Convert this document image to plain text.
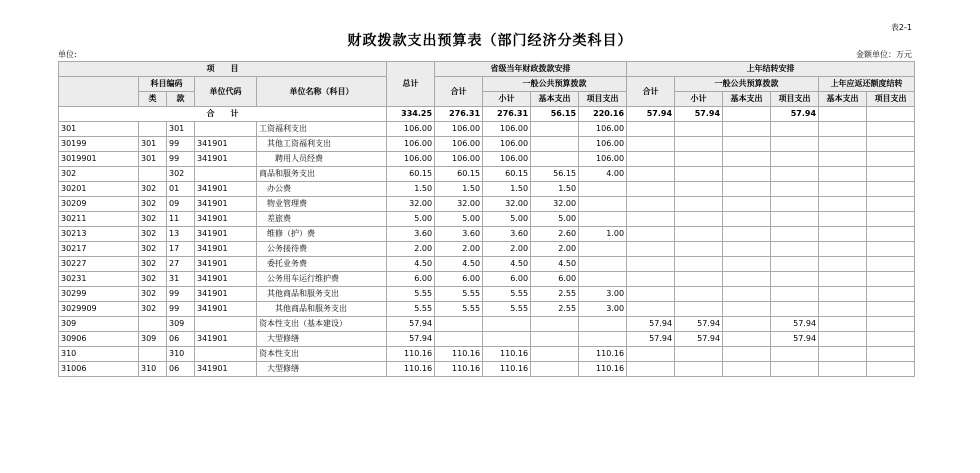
表2-1
财政拨款支出预算表（部门经济分类科目）
单位:	金额单位：万元
项　　目					总计	省级当年财政拨款安排				上年结转安排					
	科目编码		单位代码	单位名称（科目）		合计	一般公共预算拨款			合计	一般公共预算拨款			上年应返还额度结转	
	类	款					小计	基本支出	项目支出		小计	基本支出	项目支出	基本支出	项目支出
合　　计					334.25	276.31	276.31	56.15	220.16	57.94	57.94		57.94		
301		301		工资福利支出	106.00	106.00	106.00		106.00						
30199	301	99	341901	其他工资福利支出	106.00	106.00	106.00		106.00						
3019901	301	99	341901	聘用人员经费	106.00	106.00	106.00		106.00						
302		302		商品和服务支出	60.15	60.15	60.15	56.15	4.00						
30201	302	01	341901	办公费	1.50	1.50	1.50	1.50							
30209	302	09	341901	物业管理费	32.00	32.00	32.00	32.00							
30211	302	11	341901	差旅费	5.00	5.00	5.00	5.00							
30213	302	13	341901	维修（护）费	3.60	3.60	3.60	2.60	1.00						
30217	302	17	341901	公务接待费	2.00	2.00	2.00	2.00							
30227	302	27	341901	委托业务费	4.50	4.50	4.50	4.50							
30231	302	31	341901	公务用车运行维护费	6.00	6.00	6.00	6.00							
30299	302	99	341901	其他商品和服务支出	5.55	5.55	5.55	2.55	3.00						
3029909	302	99	341901	其他商品和服务支出	5.55	5.55	5.55	2.55	3.00						
309		309		资本性支出（基本建设）	57.94					57.94	57.94		57.94		
30906	309	06	341901	大型修缮	57.94					57.94	57.94		57.94		
310		310		资本性支出	110.16	110.16	110.16		110.16						
31006	310	06	341901	大型修缮	110.16	110.16	110.16		110.16						
